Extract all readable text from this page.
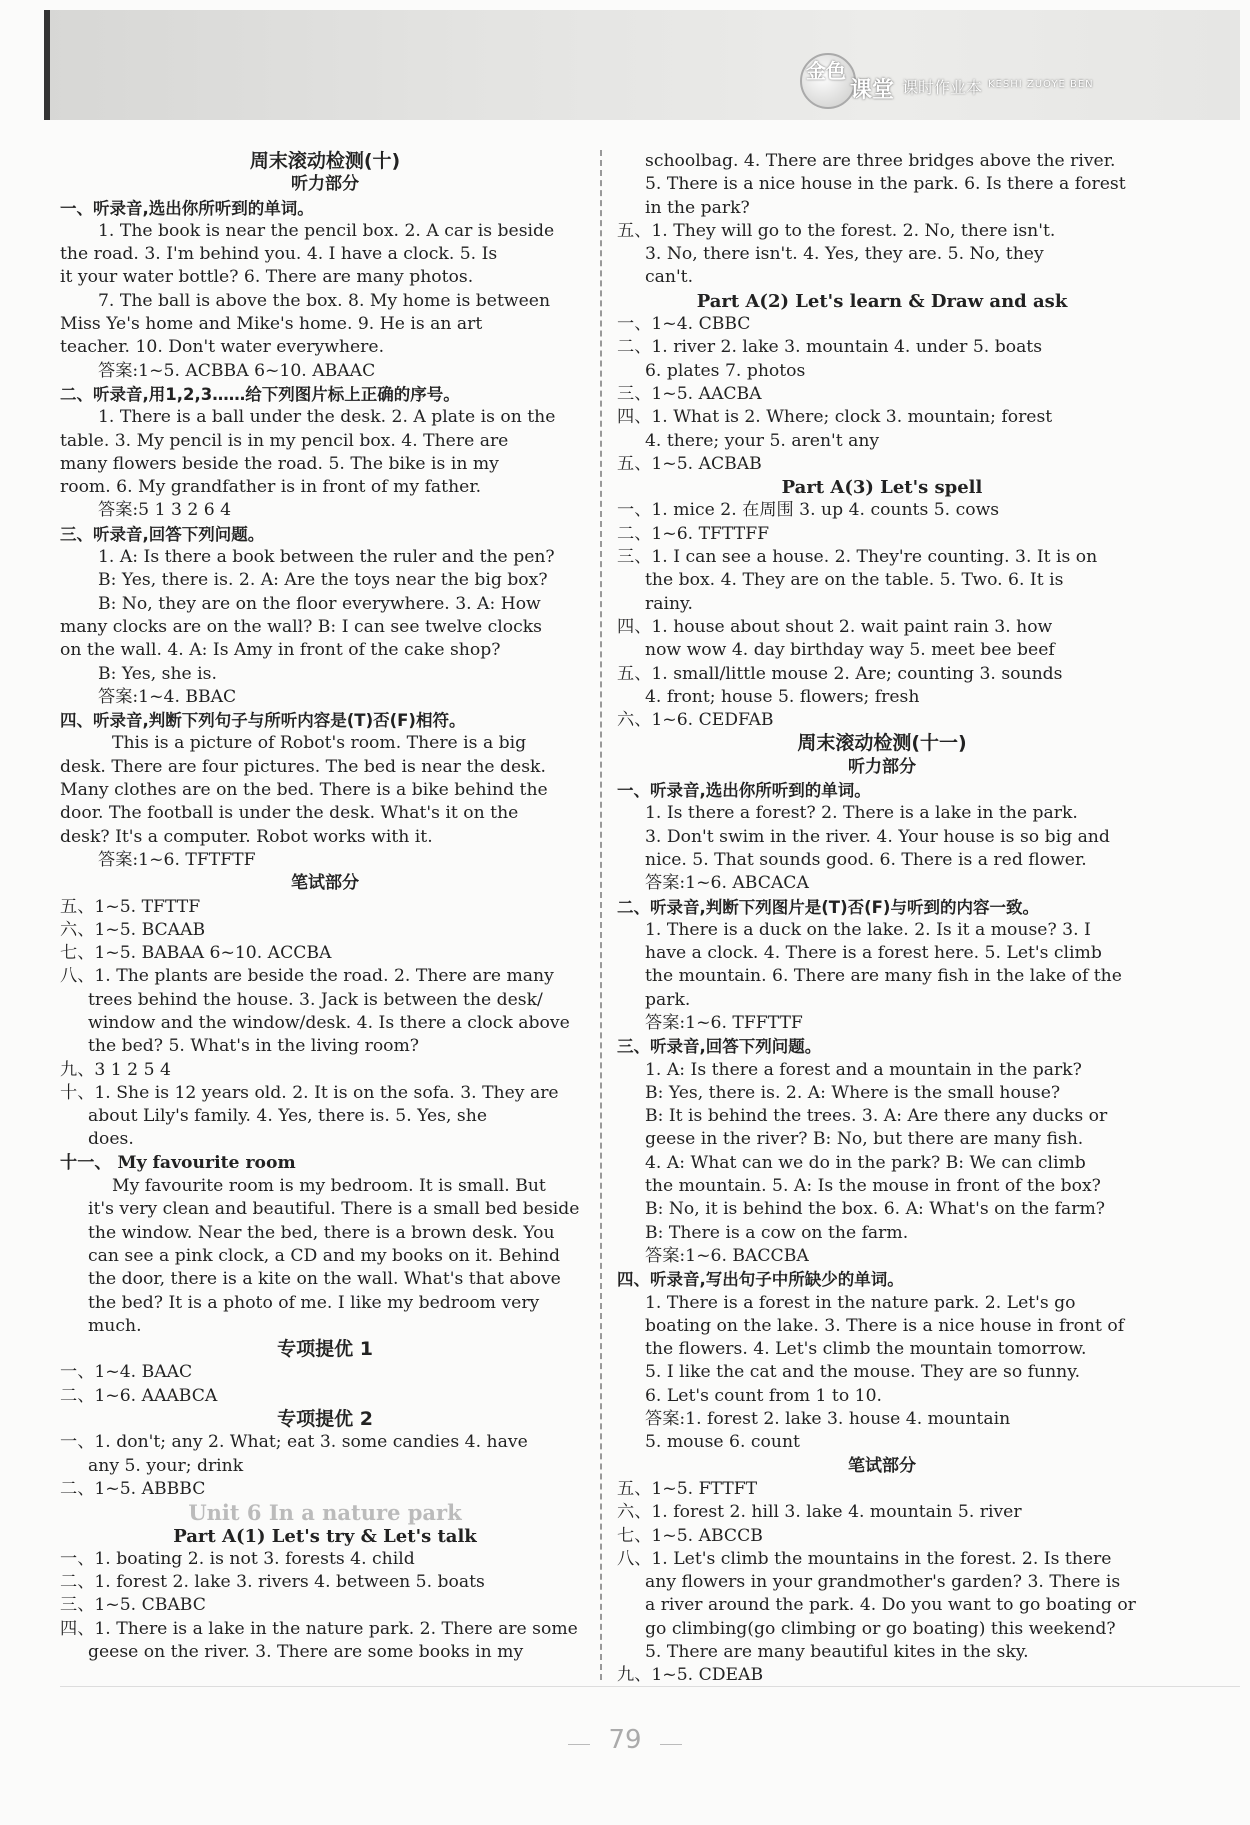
金色
课堂 课时作业本 KESHI ZUOYE BEN
周末滚动检测(十)
听力部分
一、听录音,选出你所听到的单词。
1. The book is near the pencil box. 2. A car is beside
the road. 3. I'm behind you. 4. I have a clock. 5. Is
it your water bottle? 6. There are many photos.
7. The ball is above the box. 8. My home is between
Miss Ye's home and Mike's home. 9. He is an art
teacher. 10. Don't water everywhere.
答案:1~5. ACBBA 6~10. ABAAC
二、听录音,用1,2,3……给下列图片标上正确的序号。
1. There is a ball under the desk. 2. A plate is on the
table. 3. My pencil is in my pencil box. 4. There are
many flowers beside the road. 5. The bike is in my
room. 6. My grandfather is in front of my father.
答案:5 1 3 2 6 4
三、听录音,回答下列问题。
1. A: Is there a book between the ruler and the pen?
B: Yes, there is. 2. A: Are the toys near the big box?
B: No, they are on the floor everywhere. 3. A: How
many clocks are on the wall? B: I can see twelve clocks
on the wall. 4. A: Is Amy in front of the cake shop?
B: Yes, she is.
答案:1~4. BBAC
四、听录音,判断下列句子与所听内容是(T)否(F)相符。
This is a picture of Robot's room. There is a big
desk. There are four pictures. The bed is near the desk.
Many clothes are on the bed. There is a bike behind the
door. The football is under the desk. What's it on the
desk? It's a computer. Robot works with it.
答案:1~6. TFTFTF
笔试部分
五、1~5. TFTTF
六、1~5. BCAAB
七、1~5. BABAA 6~10. ACCBA
八、1. The plants are beside the road. 2. There are many
trees behind the house. 3. Jack is between the desk/
window and the window/desk. 4. Is there a clock above
the bed? 5. What's in the living room?
九、3 1 2 5 4
十、1. She is 12 years old. 2. It is on the sofa. 3. They are
about Lily's family. 4. Yes, there is. 5. Yes, she
does.
十一、 My favourite room
My favourite room is my bedroom. It is small. But
it's very clean and beautiful. There is a small bed beside
the window. Near the bed, there is a brown desk. You
can see a pink clock, a CD and my books on it. Behind
the door, there is a kite on the wall. What's that above
the bed? It is a photo of me. I like my bedroom very
much.
专项提优 1
一、1~4. BAAC
二、1~6. AAABCA
专项提优 2
一、1. don't; any 2. What; eat 3. some candies 4. have
any 5. your; drink
二、1~5. ABBBC
Unit 6 In a nature park
Part A(1) Let's try & Let's talk
一、1. boating 2. is not 3. forests 4. child
二、1. forest 2. lake 3. rivers 4. between 5. boats
三、1~5. CBABC
四、1. There is a lake in the nature park. 2. There are some
geese on the river. 3. There are some books in my
schoolbag. 4. There are three bridges above the river.
5. There is a nice house in the park. 6. Is there a forest
in the park?
五、1. They will go to the forest. 2. No, there isn't.
3. No, there isn't. 4. Yes, they are. 5. No, they
can't.
Part A(2) Let's learn & Draw and ask
一、1~4. CBBC
二、1. river 2. lake 3. mountain 4. under 5. boats
6. plates 7. photos
三、1~5. AACBA
四、1. What is 2. Where; clock 3. mountain; forest
4. there; your 5. aren't any
五、1~5. ACBAB
Part A(3) Let's spell
一、1. mice 2. 在周围 3. up 4. counts 5. cows
二、1~6. TFTTFF
三、1. I can see a house. 2. They're counting. 3. It is on
the box. 4. They are on the table. 5. Two. 6. It is
rainy.
四、1. house about shout 2. wait paint rain 3. how
now wow 4. day birthday way 5. meet bee beef
五、1. small/little mouse 2. Are; counting 3. sounds
4. front; house 5. flowers; fresh
六、1~6. CEDFAB
周末滚动检测(十一)
听力部分
一、听录音,选出你所听到的单词。
1. Is there a forest? 2. There is a lake in the park.
3. Don't swim in the river. 4. Your house is so big and
nice. 5. That sounds good. 6. There is a red flower.
答案:1~6. ABCACA
二、听录音,判断下列图片是(T)否(F)与听到的内容一致。
1. There is a duck on the lake. 2. Is it a mouse? 3. I
have a clock. 4. There is a forest here. 5. Let's climb
the mountain. 6. There are many fish in the lake of the
park.
答案:1~6. TFFTTF
三、听录音,回答下列问题。
1. A: Is there a forest and a mountain in the park?
B: Yes, there is. 2. A: Where is the small house?
B: It is behind the trees. 3. A: Are there any ducks or
geese in the river? B: No, but there are many fish.
4. A: What can we do in the park? B: We can climb
the mountain. 5. A: Is the mouse in front of the box?
B: No, it is behind the box. 6. A: What's on the farm?
B: There is a cow on the farm.
答案:1~6. BACCBA
四、听录音,写出句子中所缺少的单词。
1. There is a forest in the nature park. 2. Let's go
boating on the lake. 3. There is a nice house in front of
the flowers. 4. Let's climb the mountain tomorrow.
5. I like the cat and the mouse. They are so funny.
6. Let's count from 1 to 10.
答案:1. forest 2. lake 3. house 4. mountain
5. mouse 6. count
笔试部分
五、1~5. FTTFT
六、1. forest 2. hill 3. lake 4. mountain 5. river
七、1~5. ABCCB
八、1. Let's climb the mountains in the forest. 2. Is there
any flowers in your grandmother's garden? 3. There is
a river around the park. 4. Do you want to go boating or
go climbing(go climbing or go boating) this weekend?
5. There are many beautiful kites in the sky.
九、1~5. CDEAB
79
